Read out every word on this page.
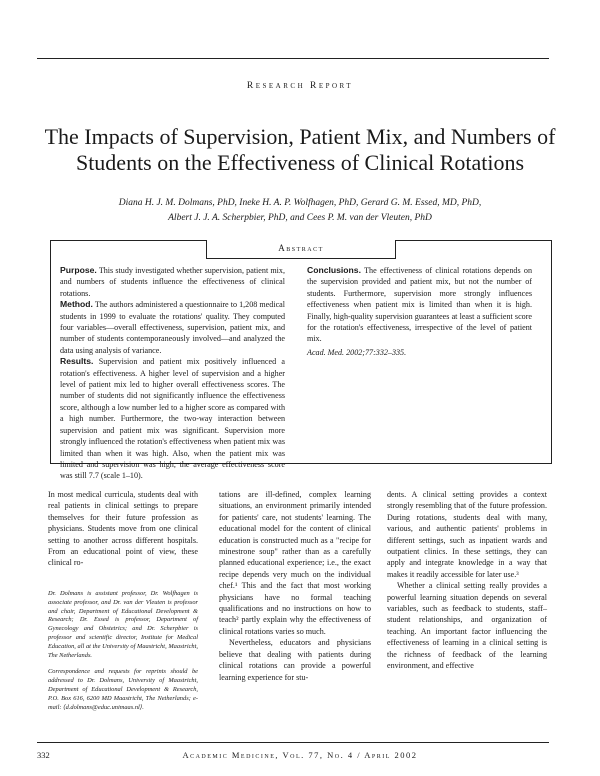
Research Report
The Impacts of Supervision, Patient Mix, and Numbers of Students on the Effectiveness of Clinical Rotations
Diana H. J. M. Dolmans, PhD, Ineke H. A. P. Wolfhagen, PhD, Gerard G. M. Essed, MD, PhD,
Albert J. J. A. Scherpbier, PhD, and Cees P. M. van der Vleuten, PhD
Abstract

Purpose. This study investigated whether supervision, patient mix, and numbers of students influence the effectiveness of clinical rotations.

Method. The authors administered a questionnaire to 1,208 medical students in 1999 to evaluate the rotations' quality. They computed four variables—overall effectiveness, supervision, patient mix, and number of students contemporaneously involved—and analyzed the data using analysis of variance.

Results. Supervision and patient mix positively influenced a rotation's effectiveness. A higher level of supervision and a higher level of patient mix led to higher overall effectiveness scores. The number of students did not significantly influence the effectiveness score, although a low number led to a higher score as compared with a high number. Furthermore, the two-way interaction between supervision and patient mix was significant. Supervision more strongly influenced the rotation's effectiveness when patient mix was limited than when it was high. Also, when the patient mix was limited and supervision was high, the average effectiveness score was still 7.7 (scale 1–10).

Conclusions. The effectiveness of clinical rotations depends on the supervision provided and patient mix, but not the number of students. Furthermore, supervision more strongly influences effectiveness when patient mix is limited than when it is high. Finally, high-quality supervision guarantees at least a sufficient score for the rotation's effectiveness, irrespective of the level of patient mix.

Acad. Med. 2002;77:332–335.

In most medical curricula, students deal with real patients in clinical settings to prepare themselves for their future profession as physicians. Students move from one clinical setting to another across different hospitals. From an educational point of view, these clinical ro-

Dr. Dolmans is assistant professor, Dr. Wolfhagen is associate professor, and Dr. van der Vleuten is professor and chair, Department of Educational Development & Research; Dr. Essed is professor, Department of Gynecology and Obstetrics; and Dr. Scherpbier is professor and scientific director, Institute for Medical Education, all at the University of Maastricht, Maastricht, The Netherlands.

Correspondence and requests for reprints should be addressed to Dr. Dolmans, University of Maastricht, Department of Educational Development & Research, P.O. Box 616, 6200 MD Maastricht, The Netherlands; e-mail: ⟨d.dolmans@educ.unimaas.nl⟩.

tations are ill-defined, complex learning situations, an environment primarily intended for patients' care, not students' learning. The educational model for the content of clinical education is constructed much as a "recipe for minestrone soup" rather than as a carefully planned educational experience; i.e., the exact recipe depends very much on the individual chef.¹ This and the fact that most working physicians have no formal teaching qualifications and no instructions on how to teach² partly explain why the effectiveness of clinical rotations varies so much.

Nevertheless, educators and physicians believe that dealing with patients during clinical rotations can provide a powerful learning experience for stu-

dents. A clinical setting provides a context strongly resembling that of the future profession. During rotations, students deal with many, various, and authentic patients' problems in different settings, such as inpatient wards and outpatient clinics. In these settings, they can apply and integrate knowledge in a way that makes it readily accessible for later use.³

Whether a clinical setting really provides a powerful learning situation depends on several variables, such as feedback to students, staff–student relationships, and organization of teaching. An important factor influencing the effectiveness of learning in a clinical setting is the richness of feedback of the learning environment, and effective

332	Academic Medicine, Vol. 77, No. 4 / April 2002
